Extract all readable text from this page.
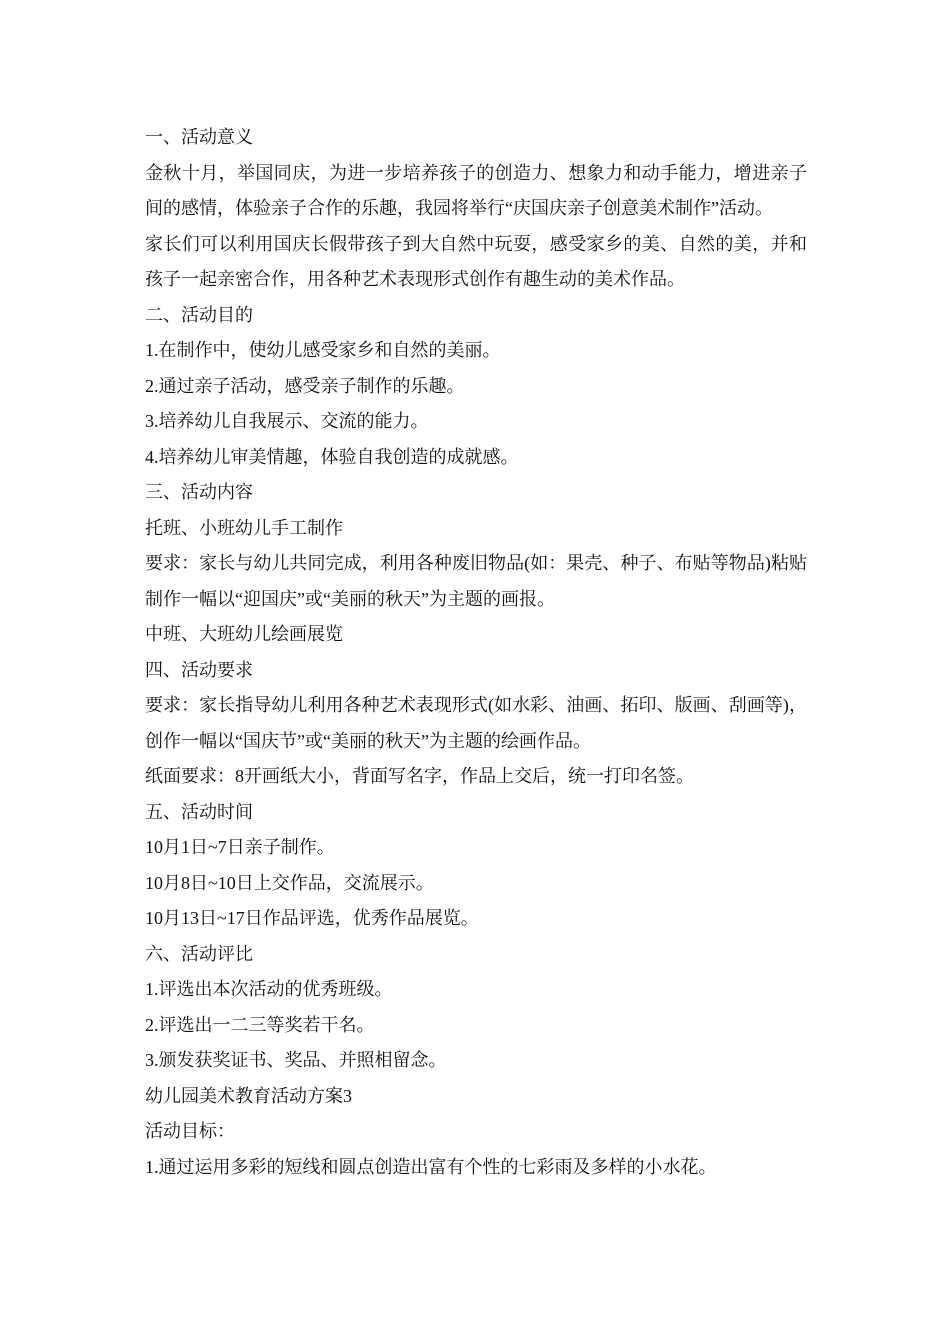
一、活动意义

金秋十月，举国同庆，为进一步培养孩子的创造力、想象力和动手能力，增进亲子间的感情，体验亲子合作的乐趣，我园将举行“庆国庆亲子创意美术制作”活动。

家长们可以利用国庆长假带孩子到大自然中玩耍，感受家乡的美、自然的美，并和孩子一起亲密合作，用各种艺术表现形式创作有趣生动的美术作品。

二、活动目的

1.在制作中，使幼儿感受家乡和自然的美丽。

2.通过亲子活动，感受亲子制作的乐趣。

3.培养幼儿自我展示、交流的能力。

4.培养幼儿审美情趣，体验自我创造的成就感。

三、活动内容

托班、小班幼儿手工制作

要求：家长与幼儿共同完成，利用各种废旧物品(如：果壳、种子、布贴等物品)粘贴制作一幅以“迎国庆”或“美丽的秋天”为主题的画报。

中班、大班幼儿绘画展览

四、活动要求

要求：家长指导幼儿利用各种艺术表现形式(如水彩、油画、拓印、版画、刮画等)，创作一幅以“国庆节”或“美丽的秋天”为主题的绘画作品。

纸面要求：8开画纸大小，背面写名字，作品上交后，统一打印名签。

五、活动时间

10月1日~7日亲子制作。

10月8日~10日上交作品，交流展示。

10月13日~17日作品评选，优秀作品展览。

六、活动评比

1.评选出本次活动的优秀班级。

2.评选出一二三等奖若干名。

3.颁发获奖证书、奖品、并照相留念。

幼儿园美术教育活动方案3

活动目标：

1.通过运用多彩的短线和圆点创造出富有个性的七彩雨及多样的小水花。
